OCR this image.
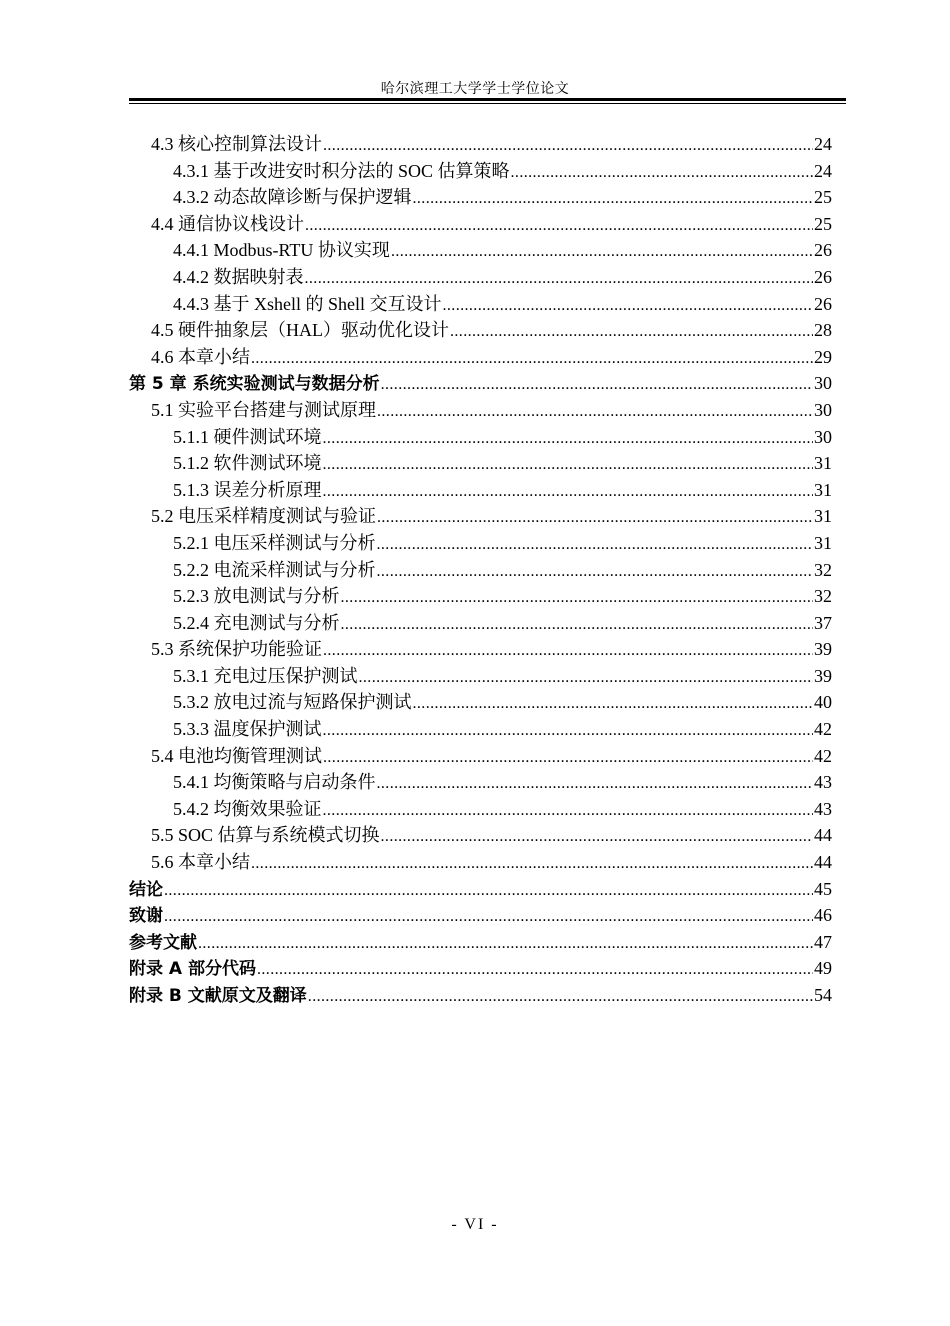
哈尔滨理工大学学士学位论文
4.3 核心控制算法设计 .....	24
4.3.1 基于改进安时积分法的 SOC 估算策略 .....	24
4.3.2 动态故障诊断与保护逻辑 .....	25
4.4 通信协议栈设计 .....	25
4.4.1 Modbus-RTU 协议实现 .....	26
4.4.2 数据映射表 .....	26
4.4.3 基于 Xshell 的 Shell 交互设计 .....	26
4.5 硬件抽象层（HAL）驱动优化设计 .....	28
4.6 本章小结 .....	29
第 5 章 系统实验测试与数据分析 .....	30
5.1 实验平台搭建与测试原理 .....	30
5.1.1 硬件测试环境 .....	30
5.1.2 软件测试环境 .....	31
5.1.3 误差分析原理 .....	31
5.2 电压采样精度测试与验证 .....	31
5.2.1 电压采样测试与分析 .....	31
5.2.2 电流采样测试与分析 .....	32
5.2.3 放电测试与分析 .....	32
5.2.4 充电测试与分析 .....	37
5.3 系统保护功能验证 .....	39
5.3.1 充电过压保护测试 .....	39
5.3.2 放电过流与短路保护测试 .....	40
5.3.3 温度保护测试 .....	42
5.4 电池均衡管理测试 .....	42
5.4.1 均衡策略与启动条件 .....	43
5.4.2 均衡效果验证 .....	43
5.5 SOC 估算与系统模式切换 .....	44
5.6 本章小结 .....	44
结论 .....	45
致谢 .....	46
参考文献 .....	47
附录 A 部分代码 .....	49
附录 B 文献原文及翻译 .....	54
- VI -
